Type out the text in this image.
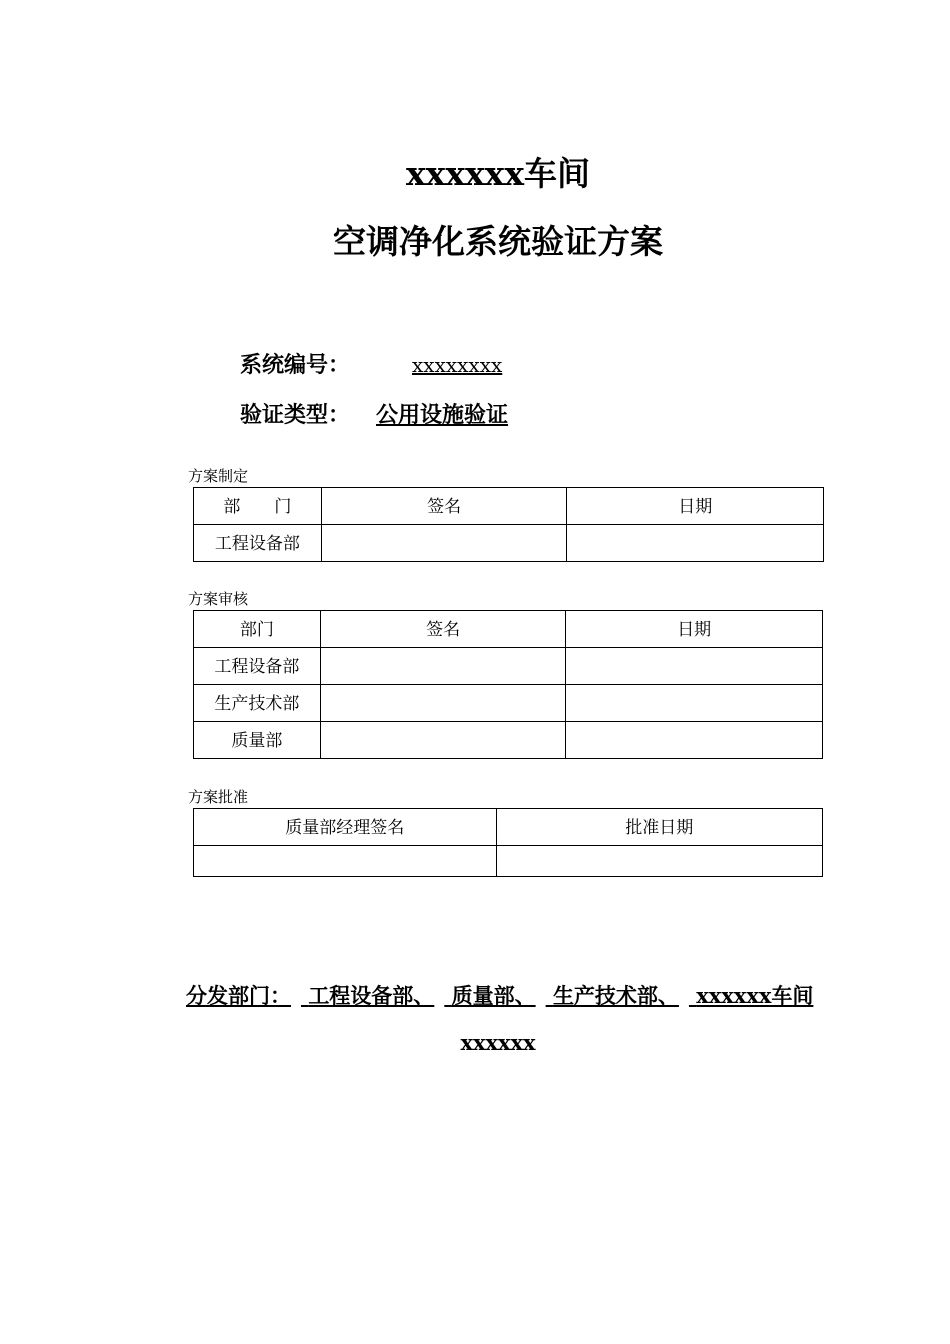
xxxxxx车间
空调净化系统验证方案
系统编号：	xxxxxxxx
验证类型： 公用设施验证
方案制定
部　　门	签名	日期
工程设备部		
方案审核
部门	签名	日期
工程设备部		
生产技术部		
质量部		
方案批准
质量部经理签名	批准日期

分发部门： 工程设备部、 质量部、 生产技术部、 xxxxxx车间
xxxxxx
